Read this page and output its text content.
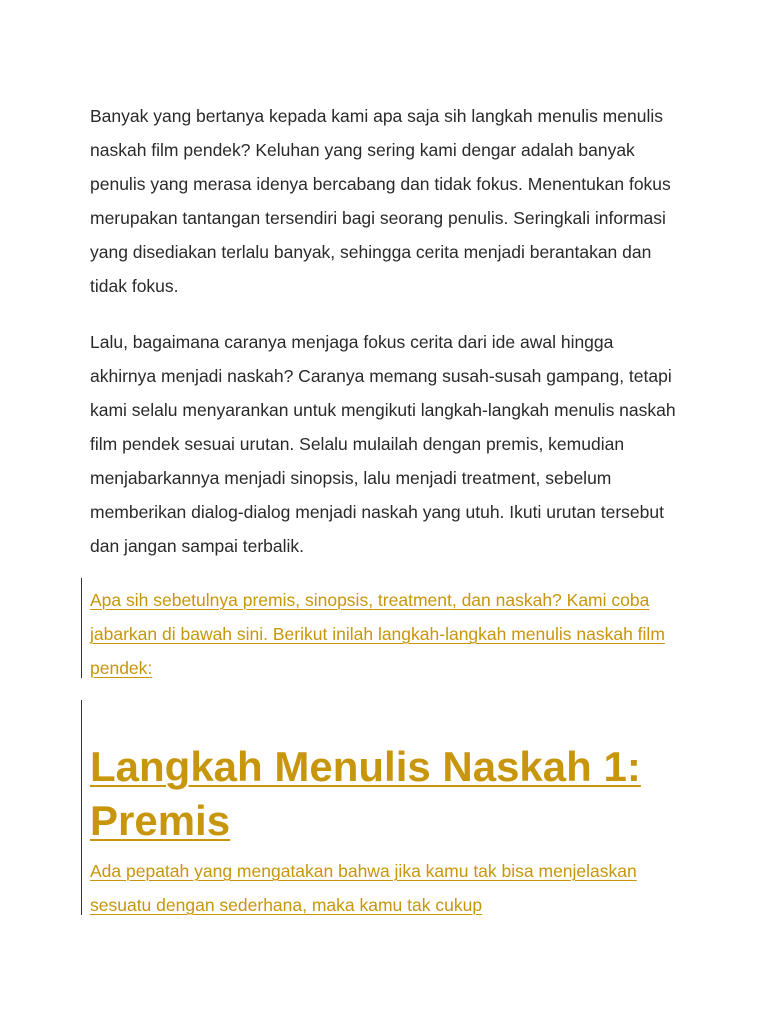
Banyak yang bertanya kepada kami apa saja sih langkah menulis menulis naskah film pendek? Keluhan yang sering kami dengar adalah banyak penulis yang merasa idenya bercabang dan tidak fokus. Menentukan fokus merupakan tantangan tersendiri bagi seorang penulis. Seringkali informasi yang disediakan terlalu banyak, sehingga cerita menjadi berantakan dan tidak fokus.

Lalu, bagaimana caranya menjaga fokus cerita dari ide awal hingga akhirnya menjadi naskah? Caranya memang susah-susah gampang, tetapi kami selalu menyarankan untuk mengikuti langkah-langkah menulis naskah film pendek sesuai urutan. Selalu mulailah dengan premis, kemudian menjabarkannya menjadi sinopsis, lalu menjadi treatment, sebelum memberikan dialog-dialog menjadi naskah yang utuh. Ikuti urutan tersebut dan jangan sampai terbalik.

Apa sih sebetulnya premis, sinopsis, treatment, dan naskah? Kami coba jabarkan di bawah sini. Berikut inilah langkah-langkah menulis naskah film pendek:

Langkah Menulis Naskah 1: Premis

Ada pepatah yang mengatakan bahwa jika kamu tak bisa menjelaskan sesuatu dengan sederhana, maka kamu tak cukup
